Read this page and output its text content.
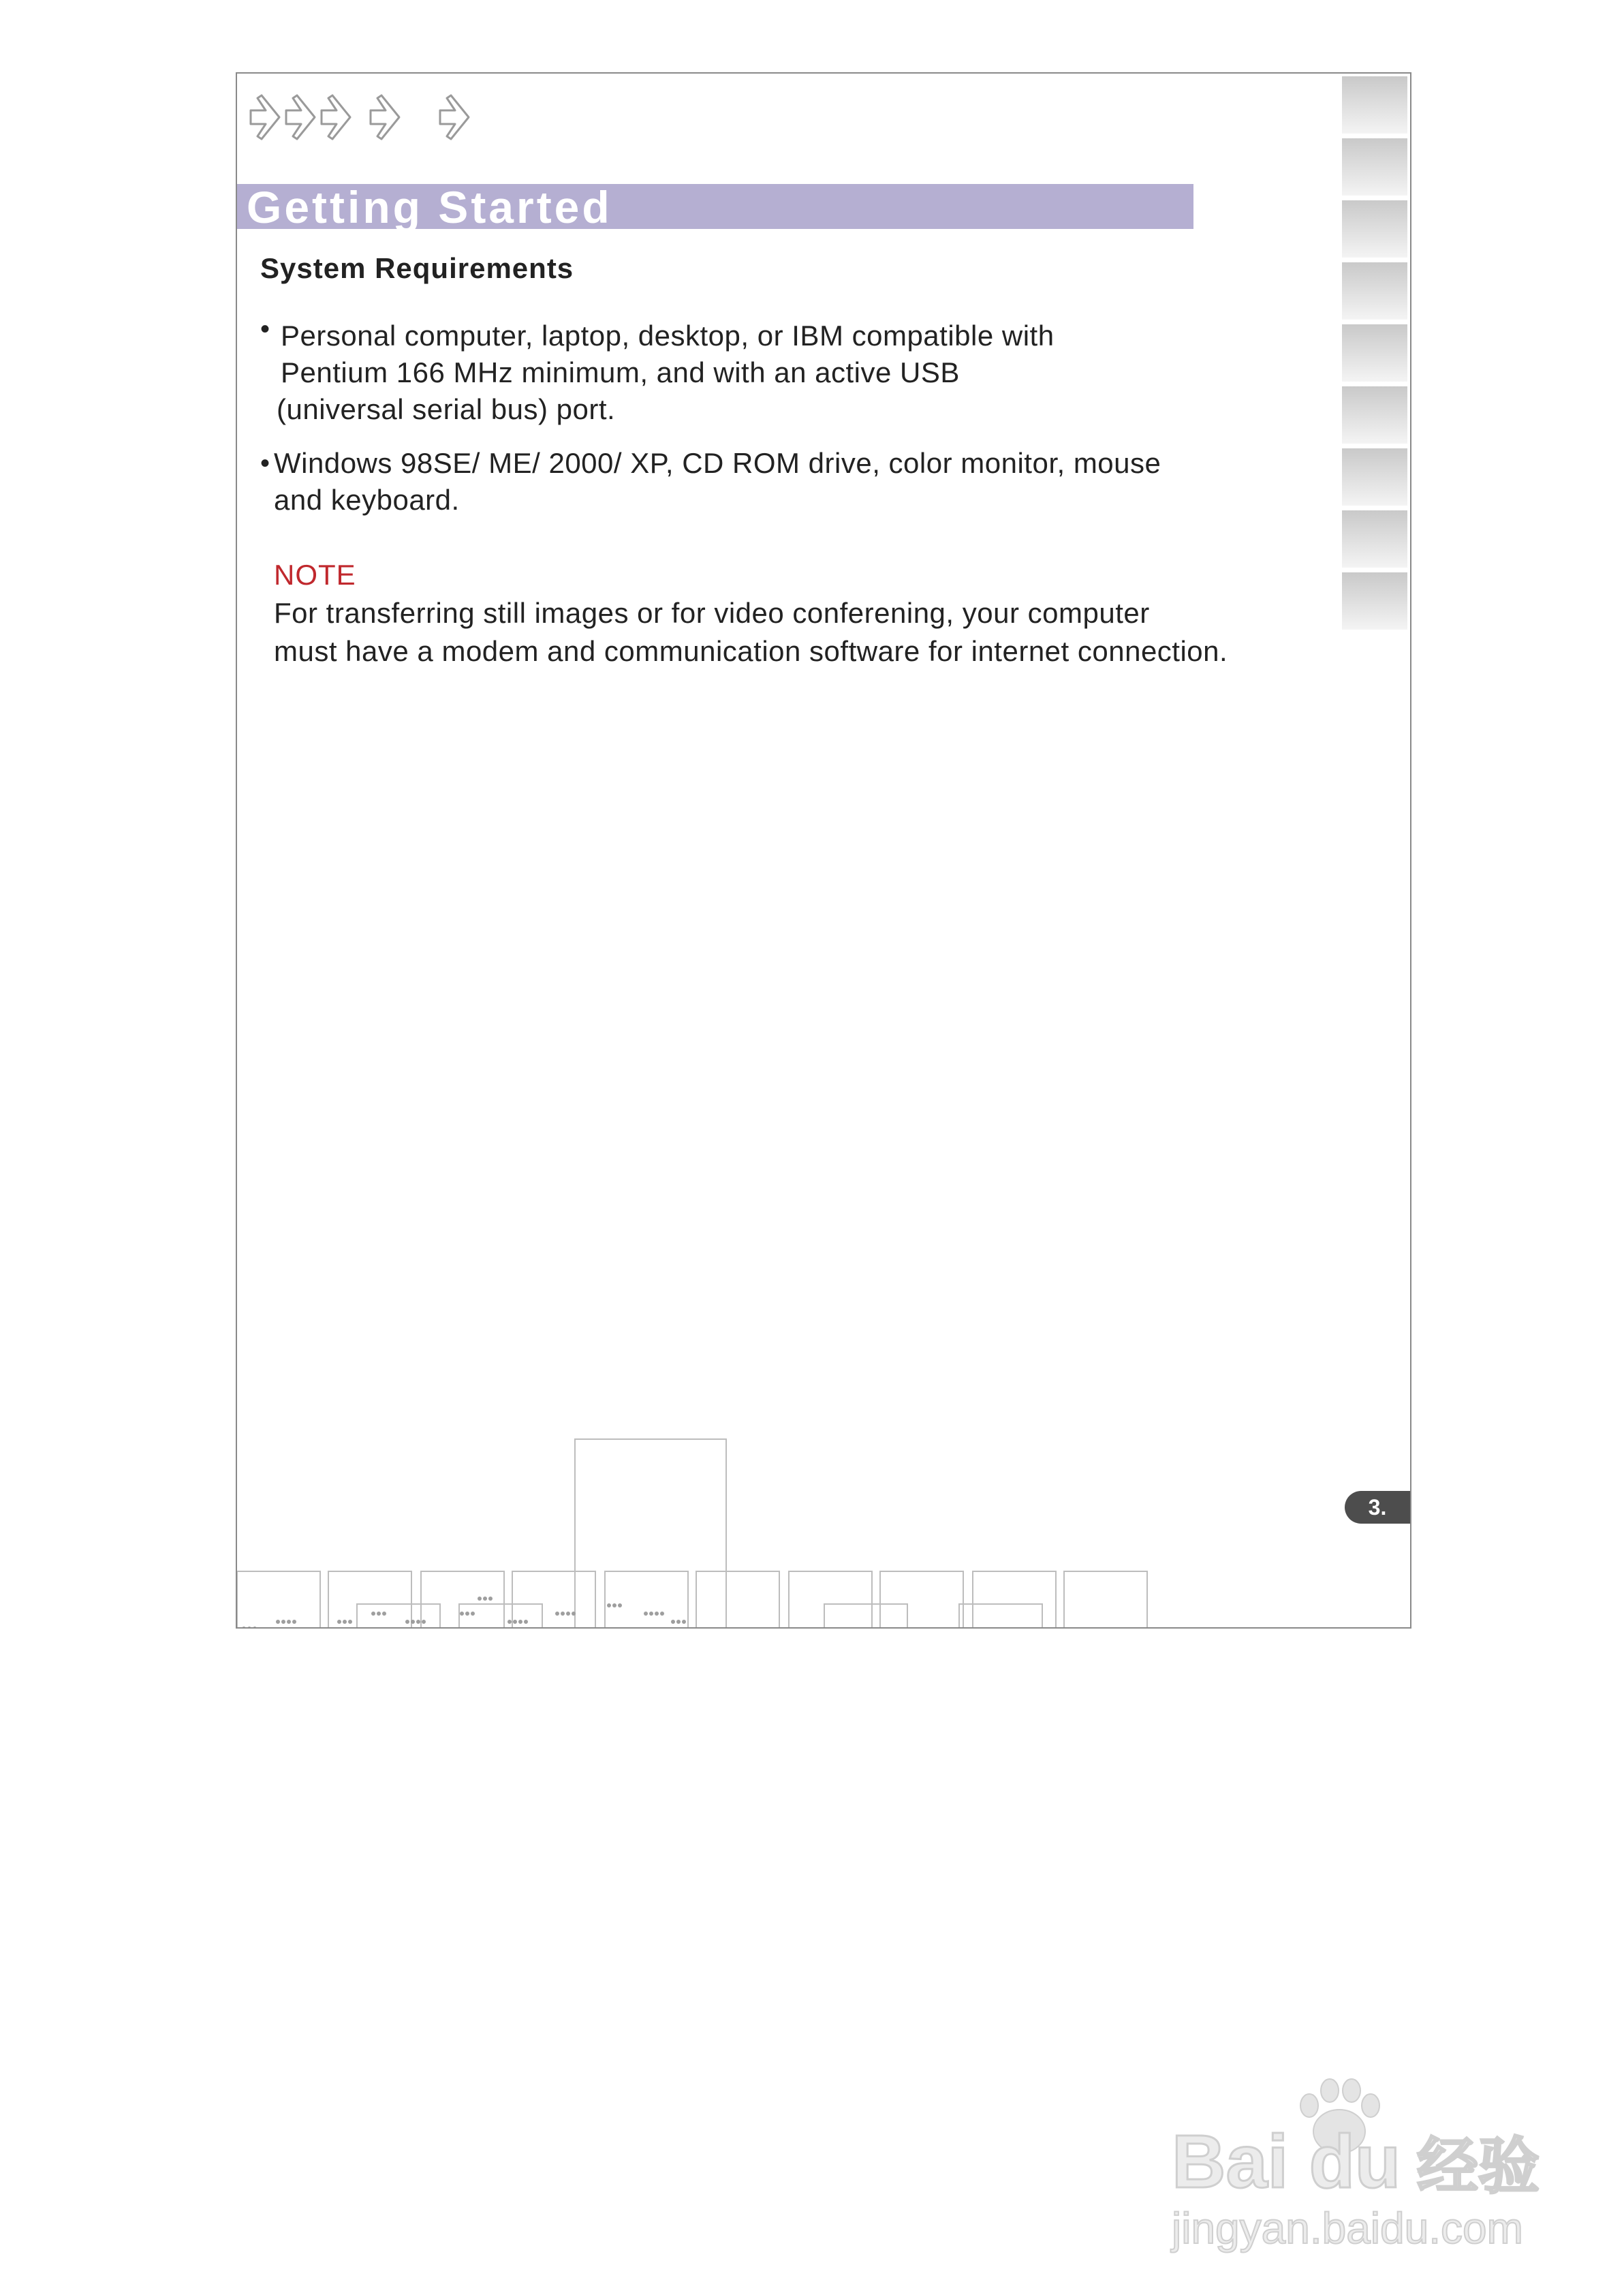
Getting Started
System Requirements
• Personal computer, laptop, desktop, or IBM compatible with
Pentium 166 MHz minimum, and with an active USB
(universal serial bus) port.
• Windows 98SE/ ME/ 2000/ XP, CD ROM drive, color monitor, mouse
and keyboard.
NOTE
For transferring still images or for video conferening, your computer
must have a modem and communication software for internet connection.
3.
Bai du 经验
jingyan.baidu.com
